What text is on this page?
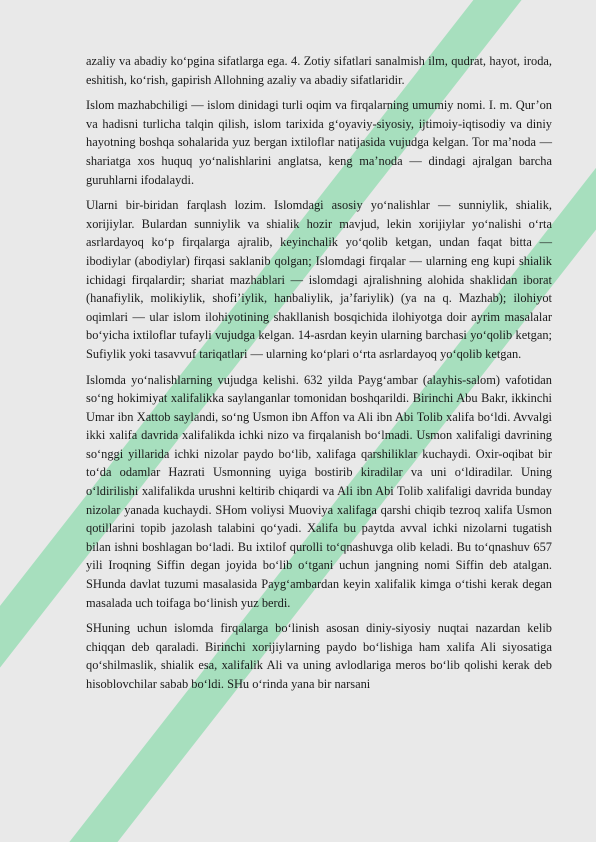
azaliy va abadiy ko‘pgina sifatlarga ega. 4. Zotiy sifatlari sanalmish ilm, qudrat, hayot, iroda, eshitish, ko‘rish, gapirish Allohning azaliy va abadiy sifatlaridir.

Islom mazhabchiligi — islom dinidagi turli oqim va firqalarning umumiy nomi. I. m. Qur’on va hadisni turlicha talqin qilish, islom tarixida g‘oyaviy-siyosiy, ijtimoiy-iqtisodiy va diniy hayotning boshqa sohalarida yuz bergan ixtiloflar natijasida vujudga kelgan. Tor ma’noda — shariatga xos huquq yo‘nalishlarini anglatsa, keng ma’noda — dindagi ajralgan barcha guruhlarni ifodalaydi.

Ularni bir-biridan farqlash lozim. Islomdagi asosiy yo‘nalishlar — sunniylik, shialik, xorijiylar. Bulardan sunniylik va shialik hozir mavjud, lekin xorijiylar yo‘nalishi o‘rta asrlardayoq ko‘p firqalarga ajralib, keyinchalik yo‘qolib ketgan, undan faqat bitta — ibodiylar (abodiylar) firqasi saklanib qolgan; Islomdagi firqalar — ularning eng kupi shialik ichidagi firqalardir; shariat mazhablari — islomdagi ajralishning alohida shaklidan iborat (hanafiylik, molikiylik, shofi’iylik, hanbaliylik, ja’fariylik) (ya na q. Mazhab); ilohiyot oqimlari — ular islom ilohiyotining shakllanish bosqichida ilohiyotga doir ayrim masalalar bo‘yicha ixtiloflar tufayli vujudga kelgan. 14-asrdan keyin ularning barchasi yo‘qolib ketgan; Sufiylik yoki tasavvuf tariqatlari — ularning ko‘plari o‘rta asrlardayoq yo‘qolib ketgan.

Islomda yo‘nalishlarning vujudga kelishi. 632 yilda Payg‘ambar (alayhis-salom) vafotidan so‘ng hokimiyat xalifalikka saylanganlar tomonidan boshqarildi. Birinchi Abu Bakr, ikkinchi Umar ibn Xattob saylandi, so‘ng Usmon ibn Affon va Ali ibn Abi Tolib xalifa bo‘ldi. Avvalgi ikki xalifa davrida xalifalikda ichki nizo va firqalanish bo‘lmadi. Usmon xalifaligi davrining so‘nggi yillarida ichki nizolar paydo bo‘lib, xalifaga qarshiliklar kuchaydi. Oxir-oqibat bir to‘da odamlar Hazrati Usmonning uyiga bostirib kiradilar va uni o‘ldiradilar. Uning o‘ldirilishi xalifalikda urushni keltirib chiqardi va Ali ibn Abi Tolib xalifaligi davrida bunday nizolar yanada kuchaydi. SHom voliysi Muoviya xalifaga qarshi chiqib tezroq xalifa Usmon qotillarini topib jazolash talabini qo‘yadi. Xalifa bu paytda avval ichki nizolarni tugatish bilan ishni boshlagan bo‘ladi. Bu ixtilof qurolli to‘qnashuvga olib keladi. Bu to‘qnashuv 657 yili Iroqning Siffin degan joyida bo‘lib o‘tgani uchun jangning nomi Siffin deb atalgan. SHunda davlat tuzumi masalasida Payg‘ambardan keyin xalifalik kimga o‘tishi kerak degan masalada uch toifaga bo‘linish yuz berdi.

SHuning uchun islomda firqalarga bo‘linish asosan diniy-siyosiy nuqtai nazardan kelib chiqqan deb qaraladi. Birinchi xorijiylarning paydo bo‘lishiga ham xalifa Ali siyosatiga qo‘shilmaslik, shialik esa, xalifalik Ali va uning avlodlariga meros bo‘lib qolishi kerak deb hisoblovchilar sabab bo‘ldi. SHu o‘rinda yana bir narsani
